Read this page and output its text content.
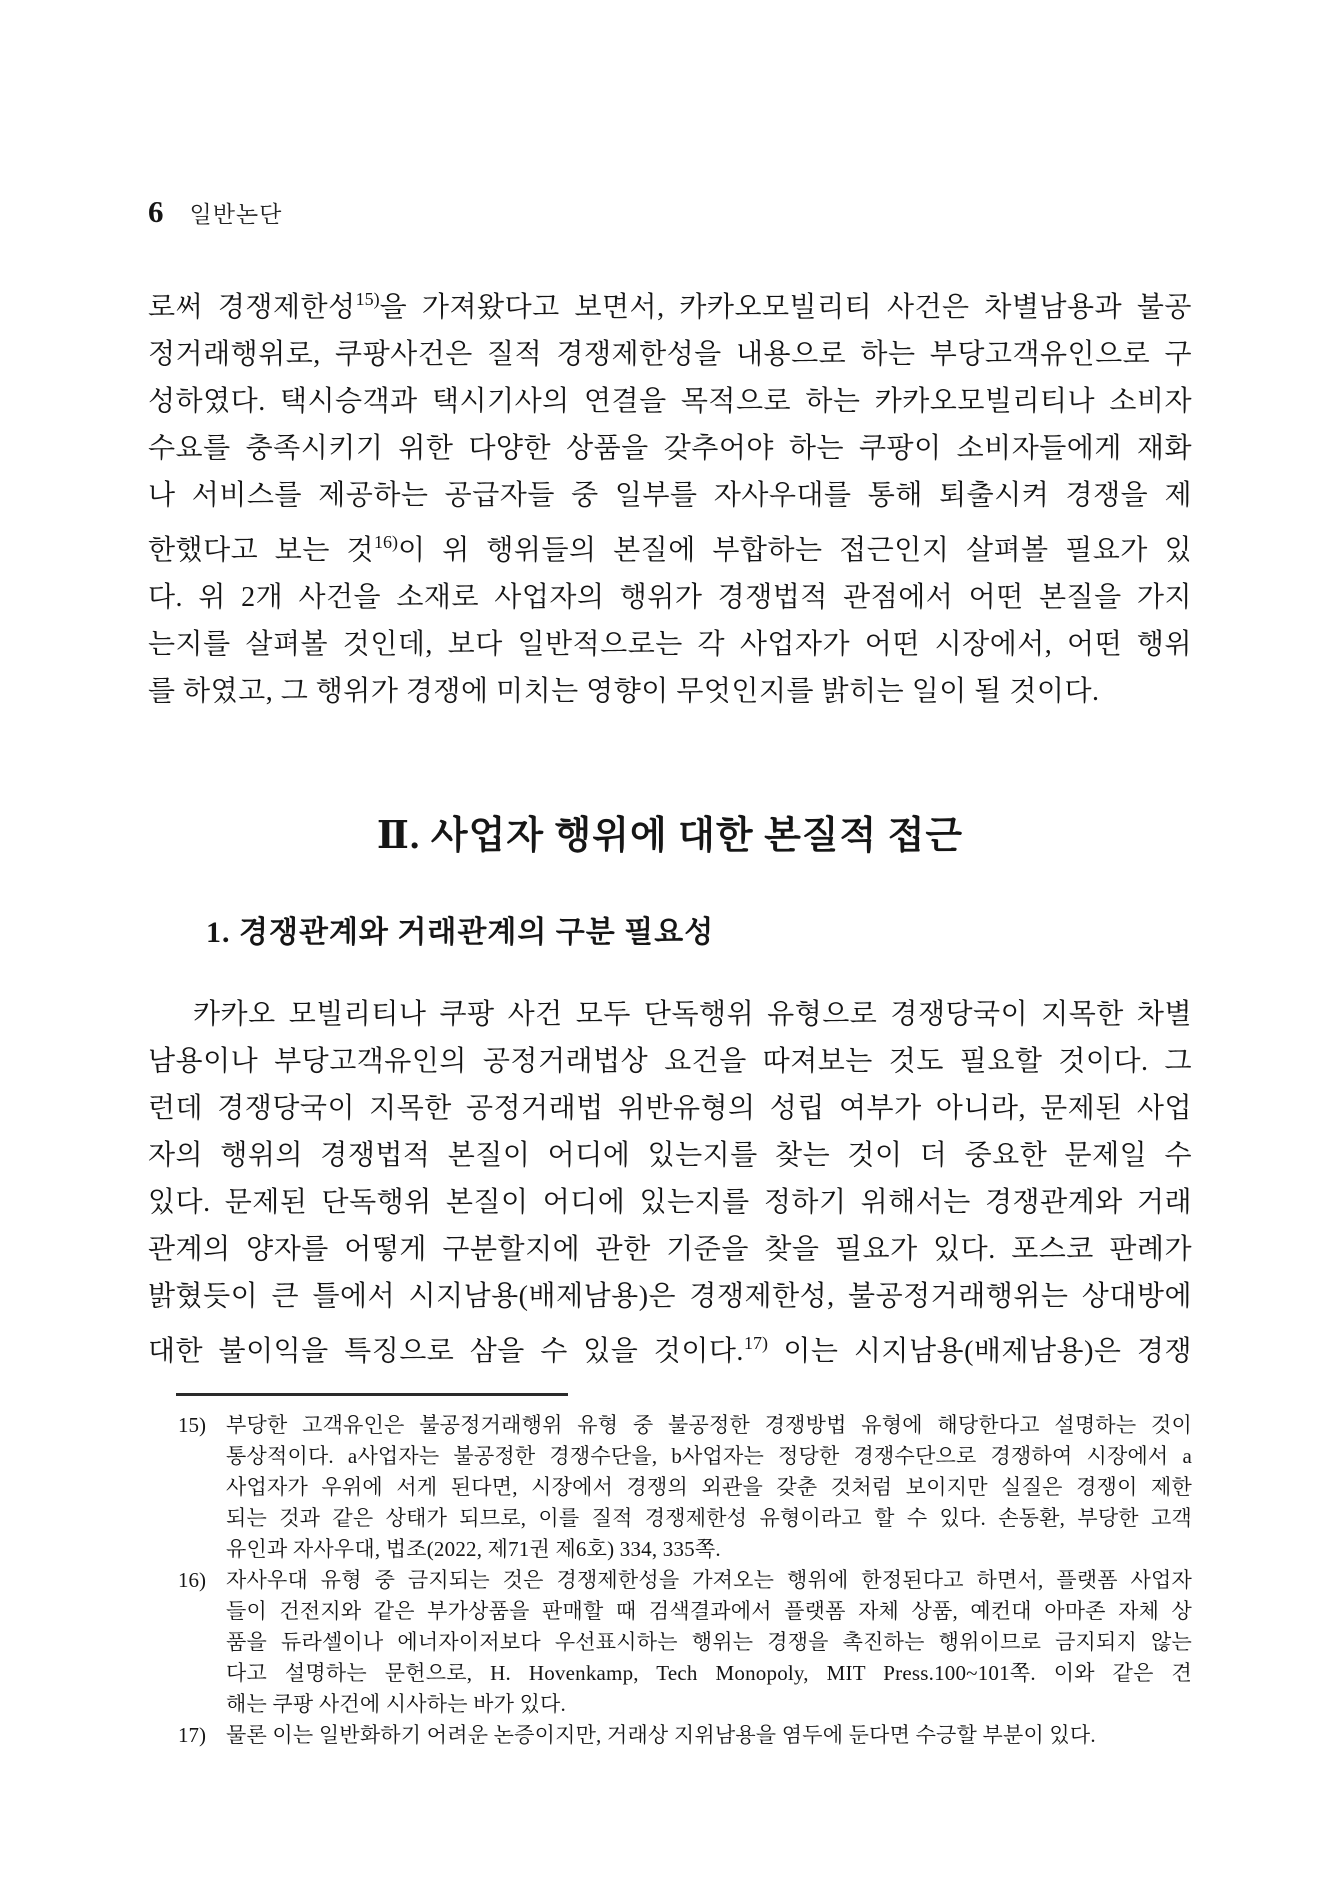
6 일반논단
로써 경쟁제한성$^{15)}$을 가져왔다고 보면서, 카카오모빌리티 사건은 차별남용과 불공
정거래행위로, 쿠팡사건은 질적 경쟁제한성을 내용으로 하는 부당고객유인으로 구
성하였다. 택시승객과 택시기사의 연결을 목적으로 하는 카카오모빌리티나 소비자
수요를 충족시키기 위한 다양한 상품을 갖추어야 하는 쿠팡이 소비자들에게 재화
나 서비스를 제공하는 공급자들 중 일부를 자사우대를 통해 퇴출시켜 경쟁을 제
한했다고 보는 것$^{16)}$이 위 행위들의 본질에 부합하는 접근인지 살펴볼 필요가 있
다. 위 2개 사건을 소재로 사업자의 행위가 경쟁법적 관점에서 어떤 본질을 가지
는지를 살펴볼 것인데, 보다 일반적으로는 각 사업자가 어떤 시장에서, 어떤 행위
를 하였고, 그 행위가 경쟁에 미치는 영향이 무엇인지를 밝히는 일이 될 것이다.
Ⅱ. 사업자 행위에 대한 본질적 접근
1. 경쟁관계와 거래관계의 구분 필요성
카카오 모빌리티나 쿠팡 사건 모두 단독행위 유형으로 경쟁당국이 지목한 차별
남용이나 부당고객유인의 공정거래법상 요건을 따져보는 것도 필요할 것이다. 그
런데 경쟁당국이 지목한 공정거래법 위반유형의 성립 여부가 아니라, 문제된 사업
자의 행위의 경쟁법적 본질이 어디에 있는지를 찾는 것이 더 중요한 문제일 수
있다. 문제된 단독행위 본질이 어디에 있는지를 정하기 위해서는 경쟁관계와 거래
관계의 양자를 어떻게 구분할지에 관한 기준을 찾을 필요가 있다. 포스코 판례가
밝혔듯이 큰 틀에서 시지남용(배제남용)은 경쟁제한성, 불공정거래행위는 상대방에
대한 불이익을 특징으로 삼을 수 있을 것이다.$^{17)}$ 이는 시지남용(배제남용)은 경쟁
15) 부당한 고객유인은 불공정거래행위 유형 중 불공정한 경쟁방법 유형에 해당한다고 설명하는 것이
통상적이다. a사업자는 불공정한 경쟁수단을, b사업자는 정당한 경쟁수단으로 경쟁하여 시장에서 a
사업자가 우위에 서게 된다면, 시장에서 경쟁의 외관을 갖춘 것처럼 보이지만 실질은 경쟁이 제한
되는 것과 같은 상태가 되므로, 이를 질적 경쟁제한성 유형이라고 할 수 있다. 손동환, 부당한 고객
유인과 자사우대, 법조(2022, 제71권 제6호) 334, 335쪽.
16) 자사우대 유형 중 금지되는 것은 경쟁제한성을 가져오는 행위에 한정된다고 하면서, 플랫폼 사업자
들이 건전지와 같은 부가상품을 판매할 때 검색결과에서 플랫폼 자체 상품, 예컨대 아마존 자체 상
품을 듀라셀이나 에너자이저보다 우선표시하는 행위는 경쟁을 촉진하는 행위이므로 금지되지 않는
다고 설명하는 문헌으로, H. Hovenkamp, Tech Monopoly, MIT Press.100~101쪽. 이와 같은 견
해는 쿠팡 사건에 시사하는 바가 있다.
17) 물론 이는 일반화하기 어려운 논증이지만, 거래상 지위남용을 염두에 둔다면 수긍할 부분이 있다.
